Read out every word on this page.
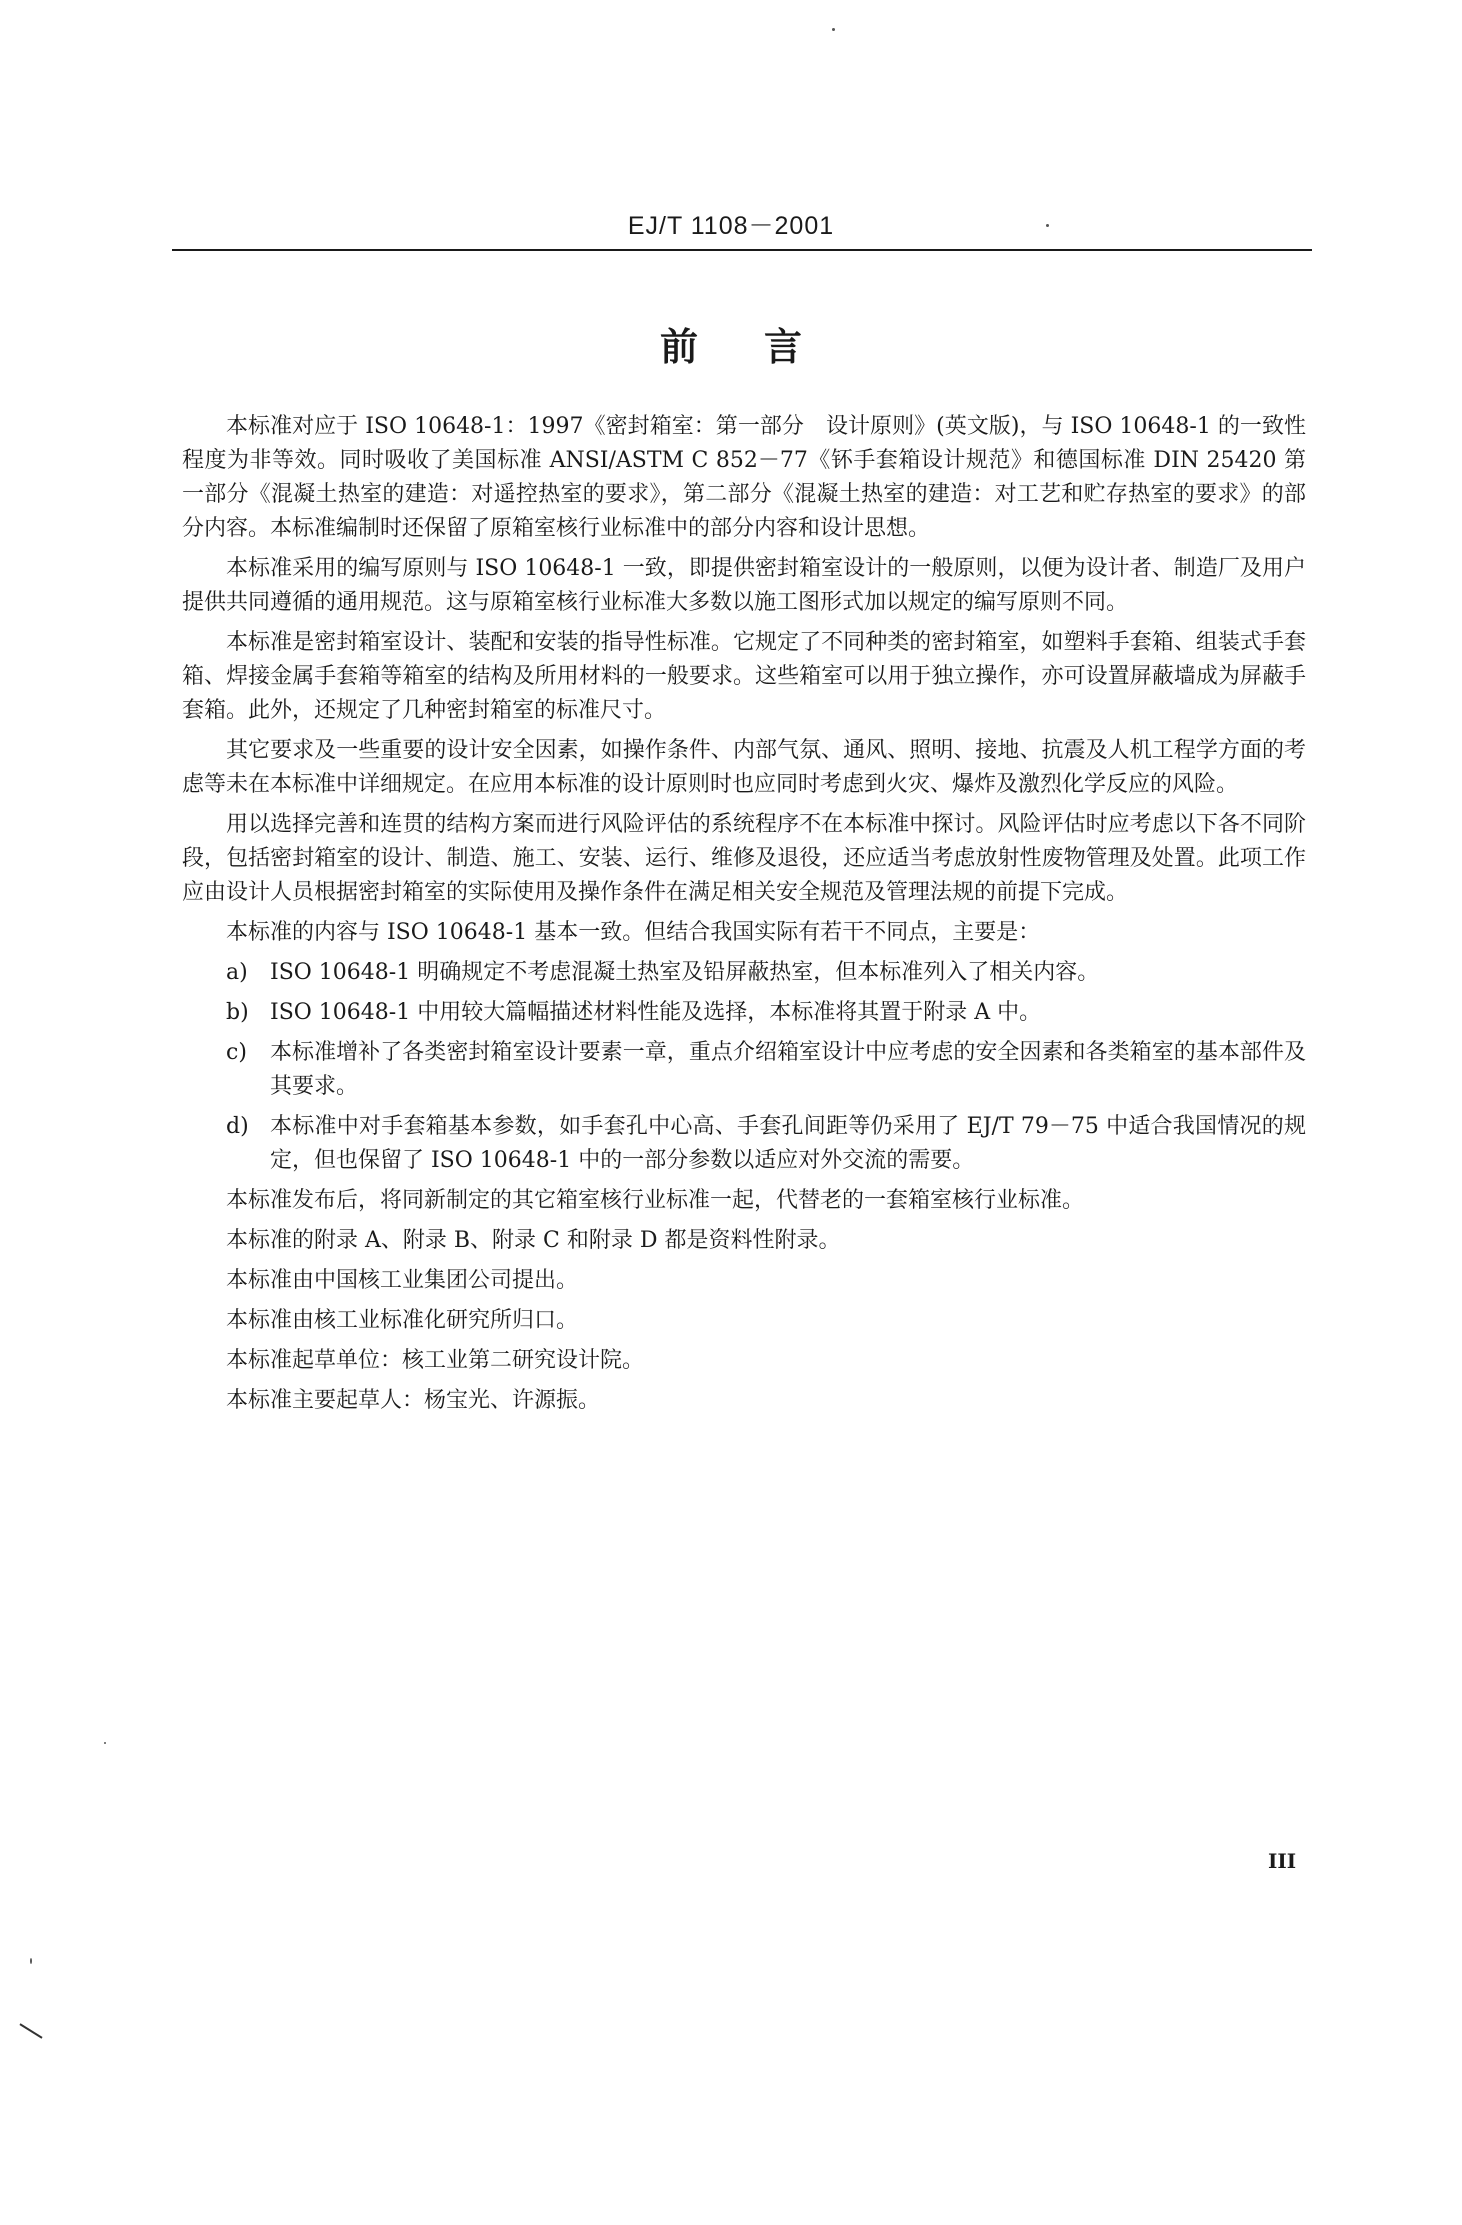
EJ/T 1108－2001
前言

本标准对应于 ISO 10648-1：1997《密封箱室：第一部分　设计原则》(英文版)，与 ISO 10648-1 的一致性程度为非等效。同时吸收了美国标准 ANSI/ASTM C 852－77《钚手套箱设计规范》和德国标准 DIN 25420 第一部分《混凝土热室的建造：对遥控热室的要求》，第二部分《混凝土热室的建造：对工艺和贮存热室的要求》的部分内容。本标准编制时还保留了原箱室核行业标准中的部分内容和设计思想。

本标准采用的编写原则与 ISO 10648-1 一致，即提供密封箱室设计的一般原则，以便为设计者、制造厂及用户提供共同遵循的通用规范。这与原箱室核行业标准大多数以施工图形式加以规定的编写原则不同。

本标准是密封箱室设计、装配和安装的指导性标准。它规定了不同种类的密封箱室，如塑料手套箱、组装式手套箱、焊接金属手套箱等箱室的结构及所用材料的一般要求。这些箱室可以用于独立操作，亦可设置屏蔽墙成为屏蔽手套箱。此外，还规定了几种密封箱室的标准尺寸。

其它要求及一些重要的设计安全因素，如操作条件、内部气氛、通风、照明、接地、抗震及人机工程学方面的考虑等未在本标准中详细规定。在应用本标准的设计原则时也应同时考虑到火灾、爆炸及激烈化学反应的风险。

用以选择完善和连贯的结构方案而进行风险评估的系统程序不在本标准中探讨。风险评估时应考虑以下各不同阶段，包括密封箱室的设计、制造、施工、安装、运行、维修及退役，还应适当考虑放射性废物管理及处置。此项工作应由设计人员根据密封箱室的实际使用及操作条件在满足相关安全规范及管理法规的前提下完成。

本标准的内容与 ISO 10648-1 基本一致。但结合我国实际有若干不同点，主要是：

a) ISO 10648-1 明确规定不考虑混凝土热室及铅屏蔽热室，但本标准列入了相关内容。
b) ISO 10648-1 中用较大篇幅描述材料性能及选择，本标准将其置于附录 A 中。
c) 本标准增补了各类密封箱室设计要素一章，重点介绍箱室设计中应考虑的安全因素和各类箱室的基本部件及其要求。
d) 本标准中对手套箱基本参数，如手套孔中心高、手套孔间距等仍采用了 EJ/T 79－75 中适合我国情况的规定，但也保留了 ISO 10648-1 中的一部分参数以适应对外交流的需要。

本标准发布后，将同新制定的其它箱室核行业标准一起，代替老的一套箱室核行业标准。

本标准的附录 A、附录 B、附录 C 和附录 D 都是资料性附录。

本标准由中国核工业集团公司提出。

本标准由核工业标准化研究所归口。

本标准起草单位：核工业第二研究设计院。

本标准主要起草人：杨宝光、许源振。

III
